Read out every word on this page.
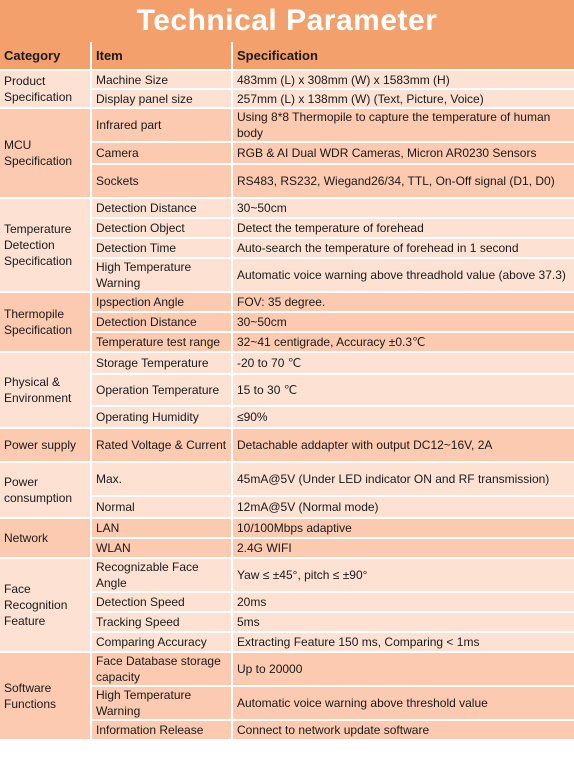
Technical Parameter
Category	Item	Specification
Product Specification	Machine Size	483mm (L) x 308mm (W) x 1583mm (H)
	Display panel size	257mm (L) x 138mm (W) (Text, Picture, Voice)
MCU Specification	Infrared part	Using 8*8 Thermopile to capture the temperature of human body
	Camera	RGB & AI Dual WDR Cameras, Micron AR0230 Sensors
	Sockets	RS483, RS232, Wiegand26/34, TTL, On-Off signal (D1, D0)
Temperature Detection Specification	Detection Distance	30~50cm
	Detection Object	Detect the temperature of forehead
	Detection Time	Auto-search the temperature of forehead in 1 second
	High Temperature Warning	Automatic voice warning above threadhold value (above 37.3)
Thermopile Specification	Ipspection Angle	FOV: 35 degree.
	Detection Distance	30~50cm
	Temperature test range	32~41 centigrade, Accuracy ±0.3℃
Physical & Environment	Storage Temperature	-20 to 70 ℃
	Operation Temperature	15 to 30 ℃
	Operating Humidity	≤90%
Power supply	Rated Voltage & Current	Detachable addapter with output DC12~16V, 2A
Power consumption	Max.	45mA@5V (Under LED indicator ON and RF transmission)
	Normal	12mA@5V (Normal mode)
Network	LAN	10/100Mbps adaptive
	WLAN	2.4G WIFI
Face Recognition Feature	Recognizable Face Angle	Yaw ≤ ±45°, pitch ≤ ±90°
	Detection Speed	20ms
	Tracking Speed	5ms
	Comparing Accuracy	Extracting Feature 150 ms, Comparing < 1ms
Software Functions	Face Database storage capacity	Up to 20000
	High Temperature Warning	Automatic voice warning above threshold value
	Information Release	Connect to network update software
